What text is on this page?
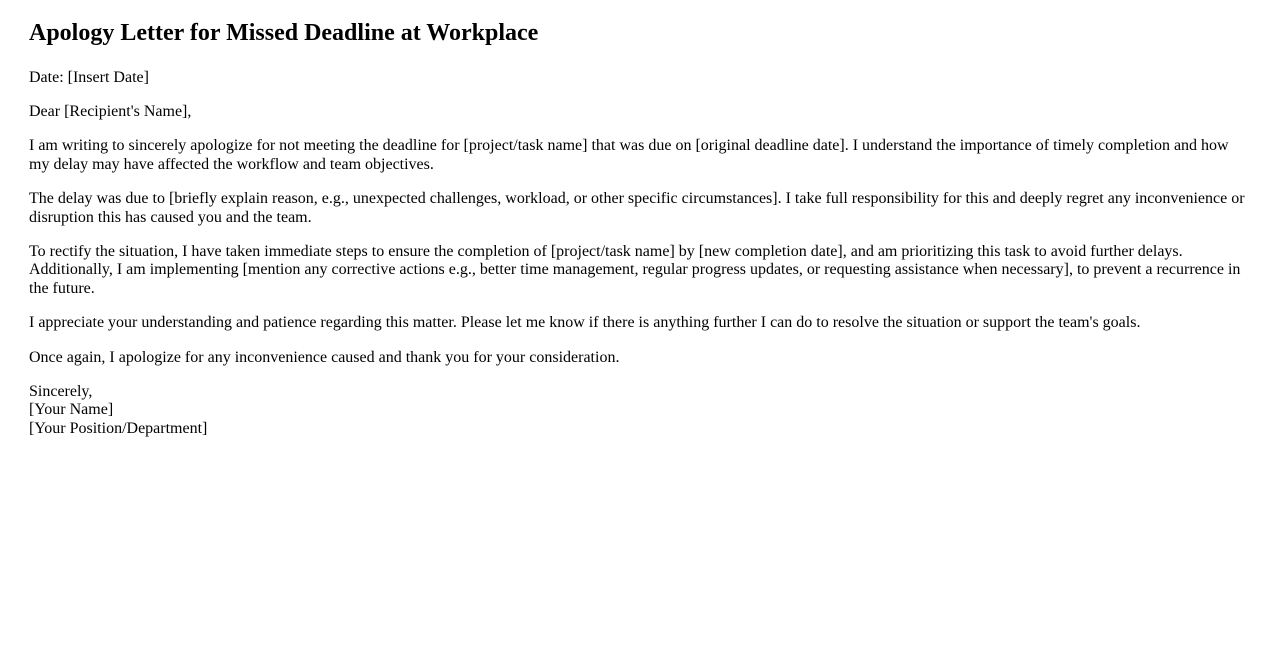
Apology Letter for Missed Deadline at Workplace

Date: [Insert Date]

Dear [Recipient's Name],

I am writing to sincerely apologize for not meeting the deadline for [project/task name] that was due on [original deadline date]. I understand the importance of timely completion and how my delay may have affected the workflow and team objectives.

The delay was due to [briefly explain reason, e.g., unexpected challenges, workload, or other specific circumstances]. I take full responsibility for this and deeply regret any inconvenience or disruption this has caused you and the team.

To rectify the situation, I have taken immediate steps to ensure the completion of [project/task name] by [new completion date], and am prioritizing this task to avoid further delays. Additionally, I am implementing [mention any corrective actions e.g., better time management, regular progress updates, or requesting assistance when necessary], to prevent a recurrence in the future.

I appreciate your understanding and patience regarding this matter. Please let me know if there is anything further I can do to resolve the situation or support the team's goals.

Once again, I apologize for any inconvenience caused and thank you for your consideration.

Sincerely,
[Your Name]
[Your Position/Department]
